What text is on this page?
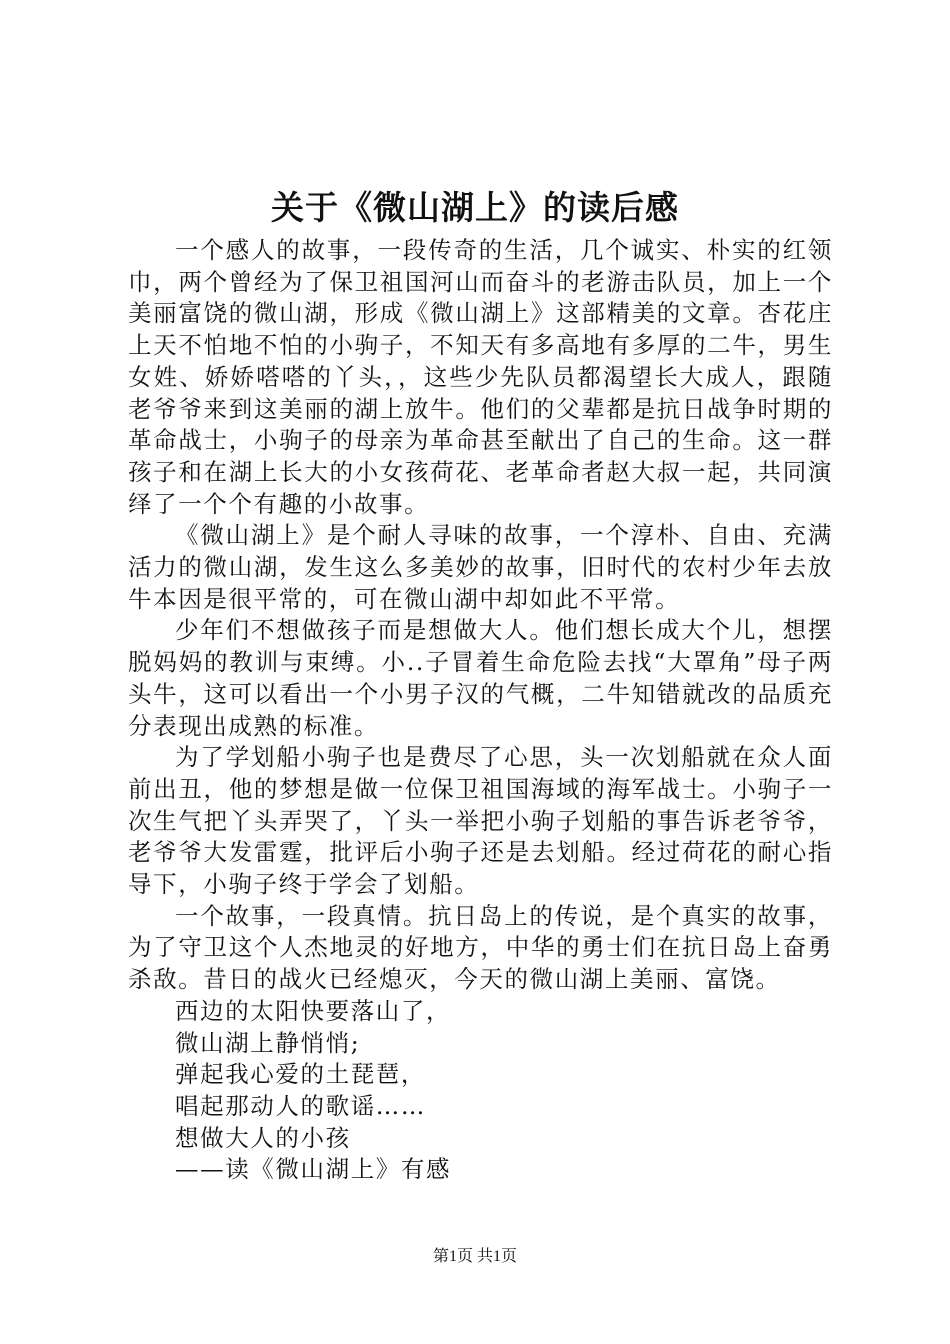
关于《微山湖上》的读后感

一个感人的故事，一段传奇的生活，几个诚实、朴实的红领巾，两个曾经为了保卫祖国河山而奋斗的老游击队员，加上一个美丽富饶的微山湖，形成《微山湖上》这部精美的文章。杏花庄上天不怕地不怕的小驹子，不知天有多高地有多厚的二牛，男生女姓、娇娇嗒嗒的丫头，，这些少先队员都渴望长大成人，跟随老爷爷来到这美丽的湖上放牛。他们的父辈都是抗日战争时期的革命战士，小驹子的母亲为革命甚至献出了自己的生命。这一群孩子和在湖上长大的小女孩荷花、老革命者赵大叔一起，共同演绎了一个个有趣的小故事。

《微山湖上》是个耐人寻味的故事，一个淳朴、自由、充满活力的微山湖，发生这么多美妙的故事，旧时代的农村少年去放牛本因是很平常的，可在微山湖中却如此不平常。

少年们不想做孩子而是想做大人。他们想长成大个儿，想摆脱妈妈的教训与束缚。小..子冒着生命危险去找“大罩角”母子两头牛，这可以看出一个小男子汉的气概，二牛知错就改的品质充分表现出成熟的标准。

为了学划船小驹子也是费尽了心思，头一次划船就在众人面前出丑，他的梦想是做一位保卫祖国海域的海军战士。小驹子一次生气把丫头弄哭了，丫头一举把小驹子划船的事告诉老爷爷，老爷爷大发雷霆，批评后小驹子还是去划船。经过荷花的耐心指导下，小驹子终于学会了划船。

一个故事，一段真情。抗日岛上的传说，是个真实的故事，为了守卫这个人杰地灵的好地方，中华的勇士们在抗日岛上奋勇杀敌。昔日的战火已经熄灭，今天的微山湖上美丽、富饶。

西边的太阳快要落山了，

微山湖上静悄悄;

弹起我心爱的土琵琶，

唱起那动人的歌谣……

想做大人的小孩

——读《微山湖上》有感

第1页 共1页
